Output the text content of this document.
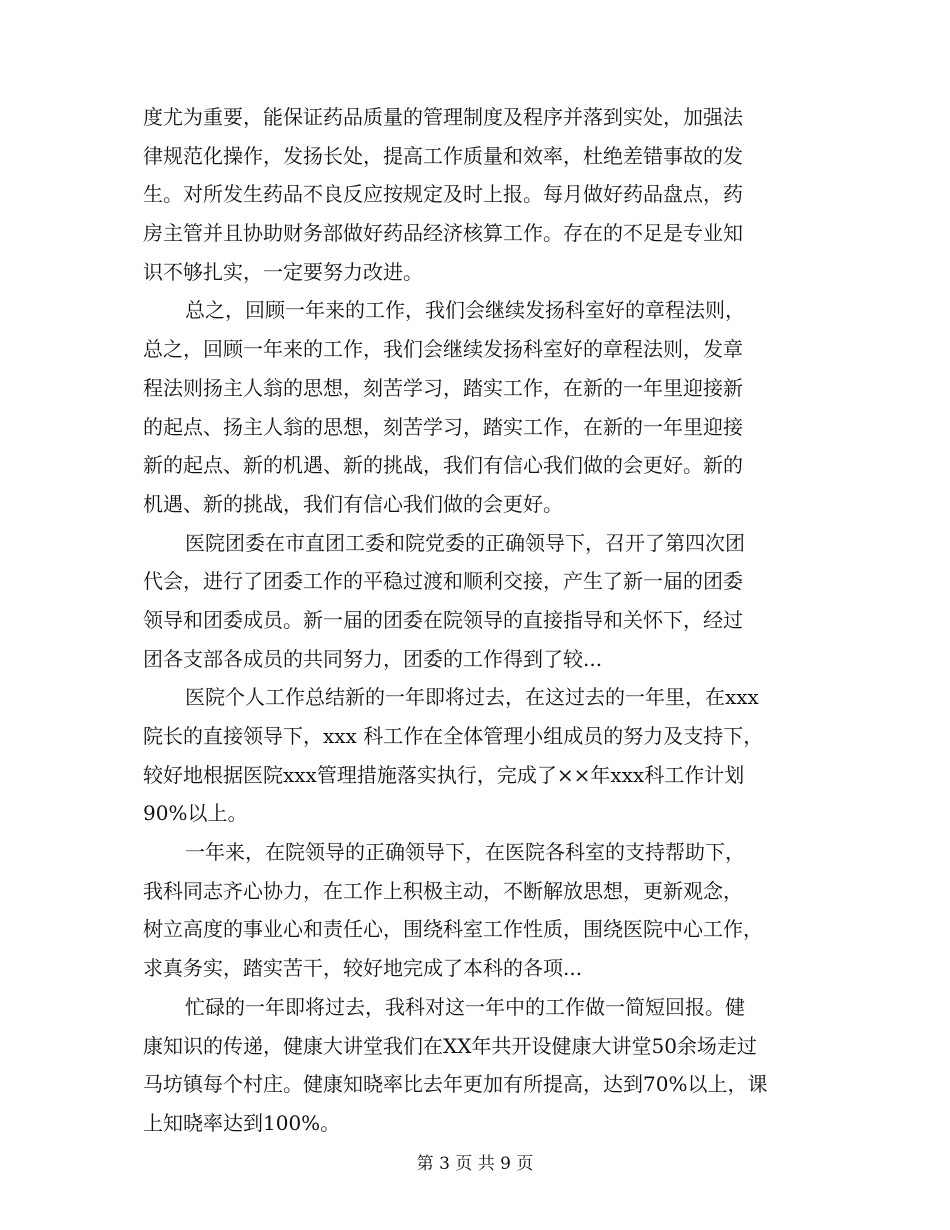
度尤为重要，能保证药品质量的管理制度及程序并落到实处，加强法
律规范化操作，发扬长处，提高工作质量和效率，杜绝差错事故的发
生。对所发生药品不良反应按规定及时上报。每月做好药品盘点，药
房主管并且协助财务部做好药品经济核算工作。存在的不足是专业知
识不够扎实，一定要努力改进。
总之，回顾一年来的工作，我们会继续发扬科室好的章程法则，
总之，回顾一年来的工作，我们会继续发扬科室好的章程法则，发章
程法则扬主人翁的思想，刻苦学习，踏实工作，在新的一年里迎接新
的起点、扬主人翁的思想，刻苦学习，踏实工作，在新的一年里迎接
新的起点、新的机遇、新的挑战，我们有信心我们做的会更好。新的
机遇、新的挑战，我们有信心我们做的会更好。
医院团委在市直团工委和院党委的正确领导下，召开了第四次团
代会，进行了团委工作的平稳过渡和顺利交接，产生了新一届的团委
领导和团委成员。新一届的团委在院领导的直接指导和关怀下，经过
团各支部各成员的共同努力，团委的工作得到了较...
医院个人工作总结新的一年即将过去，在这过去的一年里，在xxx
院长的直接领导下，xxx 科工作在全体管理小组成员的努力及支持下，
较好地根据医院xxx管理措施落实执行，完成了××年xxx科工作计划
90%以上。
一年来，在院领导的正确领导下，在医院各科室的支持帮助下，
我科同志齐心协力，在工作上积极主动，不断解放思想，更新观念，
树立高度的事业心和责任心，围绕科室工作性质，围绕医院中心工作，
求真务实，踏实苦干，较好地完成了本科的各项...
忙碌的一年即将过去，我科对这一年中的工作做一简短回报。健
康知识的传递，健康大讲堂我们在XX年共开设健康大讲堂50余场走过
马坊镇每个村庄。健康知晓率比去年更加有所提高，达到70%以上，课
上知晓率达到100%。
第 3 页 共 9 页
